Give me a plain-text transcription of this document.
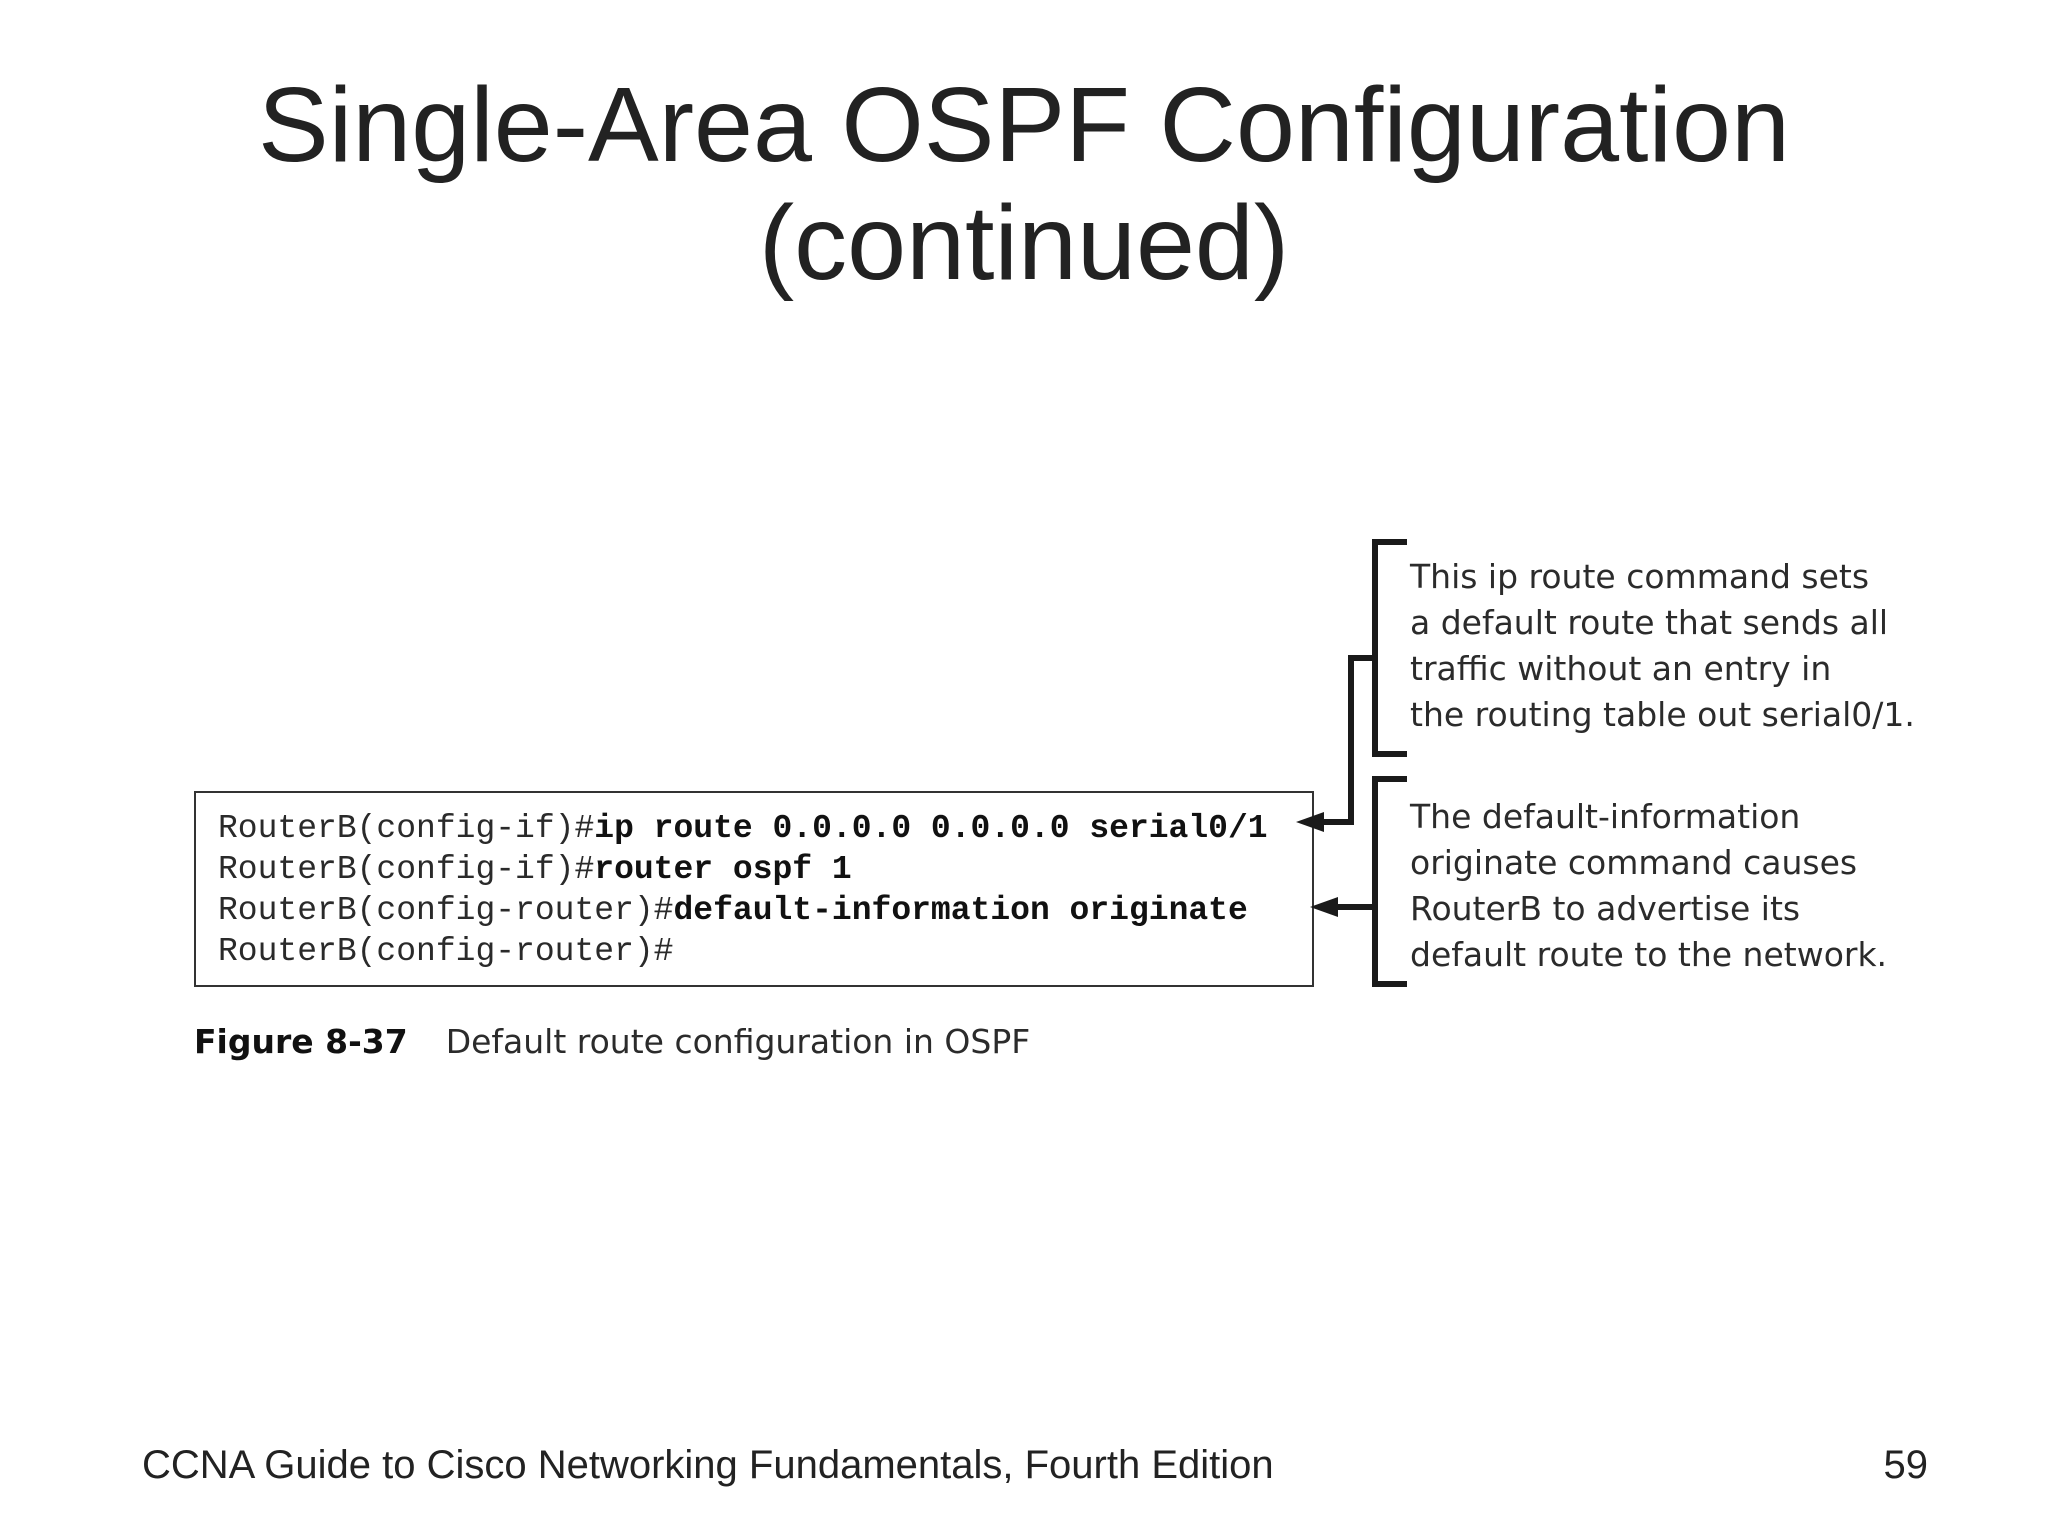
Single-Area OSPF Configuration
(continued)
RouterB(config-if)#ip route 0.0.0.0 0.0.0.0 serial0/1
RouterB(config-if)#router ospf 1
RouterB(config-router)#default-information originate
RouterB(config-router)#
This ip route command sets
a default route that sends all
traffic without an entry in
the routing table out serial0/1.
The default-information
originate command causes
RouterB to advertise its
default route to the network.
Figure 8-37 Default route configuration in OSPF
CCNA Guide to Cisco Networking Fundamentals, Fourth Edition	59
